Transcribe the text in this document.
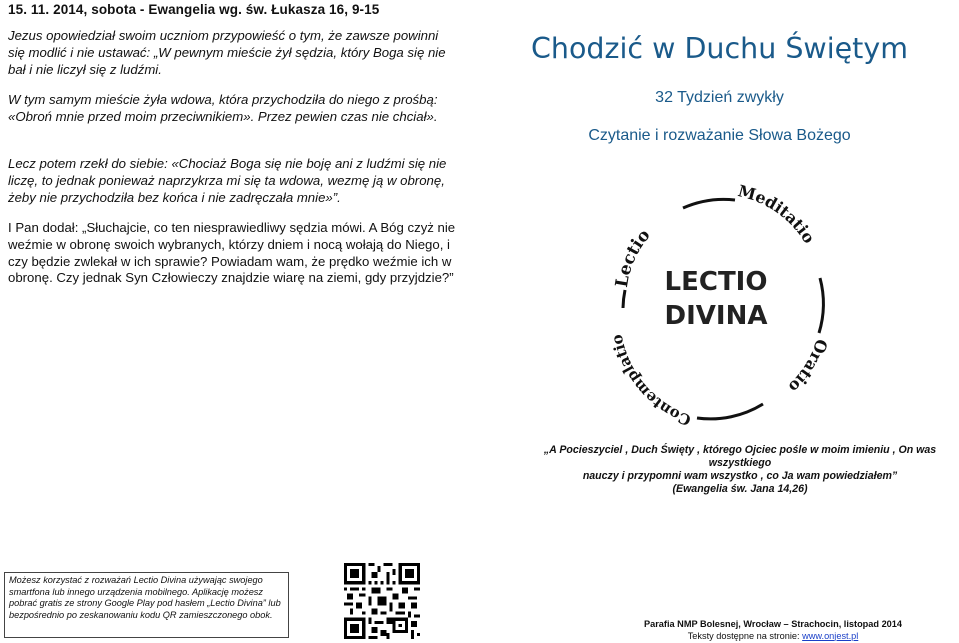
15. 11. 2014, sobota - Ewangelia wg. św. Łukasza 16, 9-15

Jezus opowiedział swoim uczniom przypowieść o tym, że zawsze powinni się modlić i nie ustawać: „W pewnym mieście żył sędzia, który Boga się nie bał i nie liczył się z ludźmi.

W tym samym mieście żyła wdowa, która przychodziła do niego z prośbą: «Obroń mnie przed moim przeciwnikiem». Przez pewien czas nie chciał».

Lecz potem rzekł do siebie: «Chociaż Boga się nie boję ani z ludźmi się nie liczę, to jednak ponieważ naprzykrza mi się ta wdowa, wezmę ją w obronę, żeby nie przychodziła bez końca i nie zadręczała mnie»”.

I Pan dodał: „Słuchajcie, co ten niesprawiedliwy sędzia mówi. A Bóg czyż nie weźmie w obronę swoich wybranych, którzy dniem i nocą wołają do Niego, i czy będzie zwlekał w ich sprawie? Powiadam wam, że prędko weźmie ich w obronę. Czy jednak Syn Człowieczy znajdzie wiarę na ziemi, gdy przyjdzie?”

Chodzić w Duchu Świętym
32 Tydzień zwykły
Czytanie i rozważanie Słowa Bożego
Lectio
Meditatio
Oratio
Contemplatio
LECTIO
DIVINA
„A Pocieszyciel , Duch Święty , którego Ojciec pośle w moim imieniu , On was wszystkiego
nauczy i przypomni wam wszystko , co Ja wam powiedziałem”
(Ewangelia św. Jana 14,26)
Możesz korzystać z rozważań Lectio Divina używając swojego
smartfona lub innego urządzenia mobilnego. Aplikację możesz
pobrać gratis ze strony Google Play pod hasłem „Lectio Divina” lub
bezpośrednio po zeskanowaniu kodu QR zamieszczonego obok.
Parafia NMP Bolesnej, Wrocław – Strachocin, listopad 2014
Teksty dostępne na stronie: www.onjest.pl
